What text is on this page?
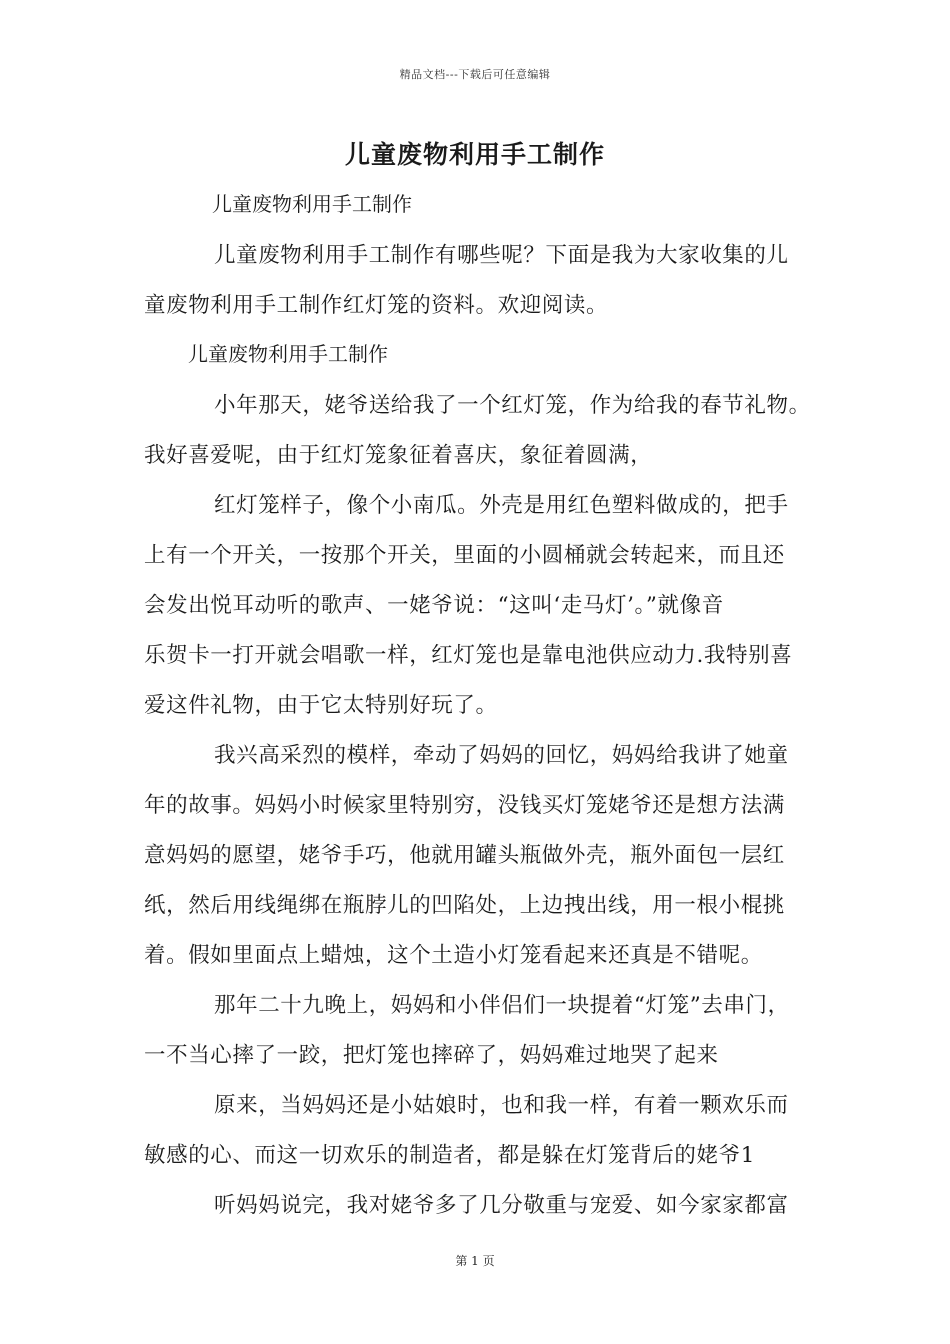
精品文档---下载后可任意编辑
儿童废物利用手工制作
儿童废物利用手工制作
儿童废物利用手工制作有哪些呢？下面是我为大家收集的儿
童废物利用手工制作红灯笼的资料。欢迎阅读。
儿童废物利用手工制作
小年那天，姥爷送给我了一个红灯笼，作为给我的春节礼物。
我好喜爱呢，由于红灯笼象征着喜庆，象征着圆满，
红灯笼样子，像个小南瓜。外壳是用红色塑料做成的，把手
上有一个开关，一按那个开关，里面的小圆桶就会转起来，而且还
会发出悦耳动听的歌声、一姥爷说：“这叫‘走马灯’。”就像音
乐贺卡一打开就会唱歌一样，红灯笼也是靠电池供应动力.我特别喜
爱这件礼物，由于它太特别好玩了。
我兴高采烈的模样，牵动了妈妈的回忆，妈妈给我讲了她童
年的故事。妈妈小时候家里特别穷，没钱买灯笼姥爷还是想方法满
意妈妈的愿望，姥爷手巧，他就用罐头瓶做外壳，瓶外面包一层红
纸，然后用线绳绑在瓶脖儿的凹陷处，上边拽出线，用一根小棍挑
着。假如里面点上蜡烛，这个土造小灯笼看起来还真是不错呢。
那年二十九晚上，妈妈和小伴侣们一块提着“灯笼”去串门，
一不当心摔了一跤，把灯笼也摔碎了，妈妈难过地哭了起来
原来，当妈妈还是小姑娘时，也和我一样，有着一颗欢乐而
敏感的心、而这一切欢乐的制造者，都是躲在灯笼背后的姥爷1
听妈妈说完，我对姥爷多了几分敬重与宠爱、如今家家都富
第 1 页
